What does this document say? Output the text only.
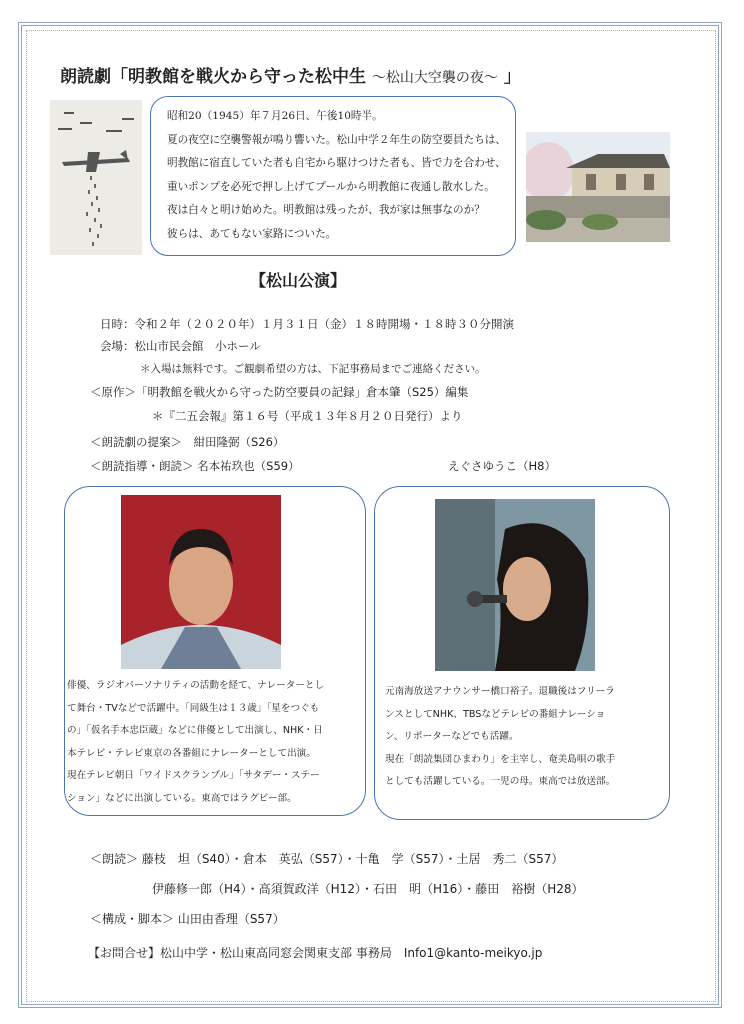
朗読劇「明教館を戦火から守った松中生 ～松山大空襲の夜～ 」

昭和20（1945）年７月26日、午後10時半。

夏の夜空に空襲警報が鳴り響いた。松山中学２年生の防空要員たちは、

明教館に宿直していた者も自宅から駆けつけた者も、皆で力を合わせ、

重いポンプを必死で押し上げてプールから明教館に夜通し散水した。

夜は白々と明け始めた。明教館は残ったが、我が家は無事なのか？

彼らは、あてもない家路についた。

【松山公演】
日時：令和２年（２０２０年）１月３１日（金）１８時開場・１８時３０分開演
会場：松山市民会館　小ホール
＊入場は無料です。ご観劇希望の方は、下記事務局までご連絡ください。
＜原作＞「明教館を戦火から守った防空要員の記録」倉本肇（S25）編集
＊『二五会報』第１６号（平成１３年８月２０日発行）より
＜朗読劇の提案＞　紺田隆弼（S26）
＜朗読指導・朗読＞ 名本祐玖也（S59）	えぐさゆうこ（H8）

俳優、ラジオパーソナリティの活動を経て、ナレーターとし

て舞台・TVなどで活躍中。「同級生は１３歳」「星をつぐも

の」「仮名手本忠臣蔵」などに俳優として出演し、NHK・日

本テレビ・テレビ東京の各番組にナレーターとして出演。

現在テレビ朝日「ワイドスクランブル」「サタデー・ステー

ション」などに出演している。東高ではラグビー部。

元南海放送アナウンサー橋口裕子。退職後はフリーラ

ンスとしてNHK、TBSなどテレビの番組ナレーショ

ン、リポーターなどでも活躍。

現在「朗読集団ひまわり」を主宰し、奄美島唄の歌手

としても活躍している。一児の母。東高では放送部。

＜朗読＞ 藤枝　坦（S40）・倉本　英弘（S57）・十亀　学（S57）・土居　秀二（S57）
伊藤修一郎（H4）・高須賀政洋（H12）・石田　明（H16）・藤田　裕樹（H28）
＜構成・脚本＞ 山田由香理（S57）
【お問合せ】松山中学・松山東高同窓会関東支部 事務局　Info1@kanto-meikyo.jp
